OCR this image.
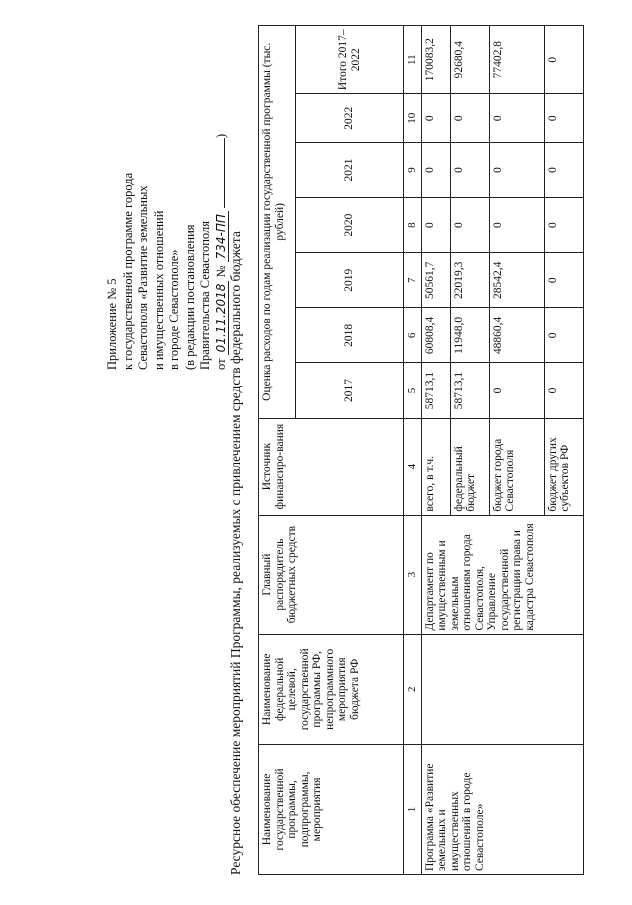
Приложение № 5 к государственной программе города Севастополя «Развитие земельных и имущественных отношений в городе Севастополе» (в редакции постановления Правительства Севастополя от 01.11.2018 № 734-ПП )
Ресурсное обеспечение мероприятий Программы, реализуемых с привлечением средств федерального бюджета Наименование государственной программы, подпрограммы, мероприятия	Наименование федеральной целевой, государственной программы РФ, непрограммного мероприятия бюджета РФ	Главный распорядитель бюджетных средств	Источник финансиро-вания	Оценка расходов по годам реализации государственной программы (тыс. рублей)						
				2017	2018	2019	2020	2021	2022	Итого 2017–2022
1	2	3	4	5	6	7	8	9	10	11
Программа «Развитие земельных и имущественных отношений в городе Севастополе»		Департамент по имущественным и земельным отношениям города Севастополя, Управление государственной регистрации права и кадастра Севастополя	всего, в т.ч.	58713,1	60808,4	50561,7	0	0	0	170083,2
			федеральный бюджет	58713,1	11948,0	22019,3	0	0	0	92680,4
			бюджет города Севастополя	0	48860,4	28542,4	0	0	0	77402,8
			бюджет других субъектов РФ	0	0	0	0	0	0	0
